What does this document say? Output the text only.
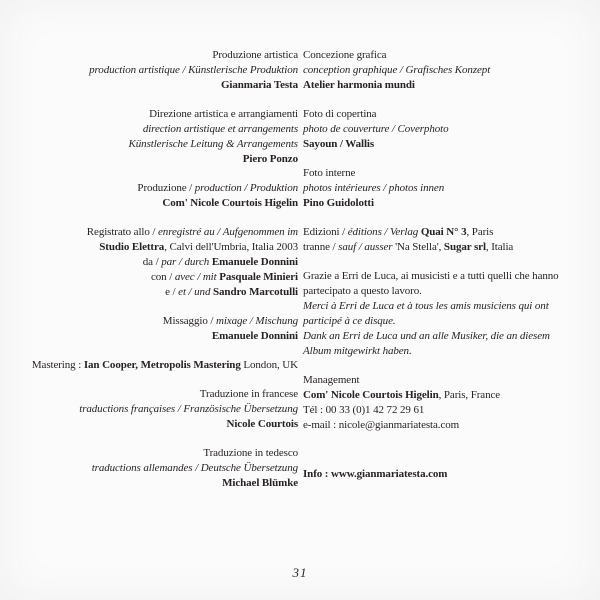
Produzione artistica
production artistique / Künstlerische Produktion
Gianmaria Testa
Direzione artistica e arrangiamenti
direction artistique et arrangements
Künstlerische Leitung & Arrangements
Piero Ponzo
Produzione / production / Produktion
Com' Nicole Courtois Higelin
Registrato allo / enregistré au / Aufgenommen im
Studio Elettra, Calvi dell'Umbria, Italia 2003
da / par / durch Emanuele Donnini
con / avec / mit Pasquale Minieri
e / et / und Sandro Marcotulli
Missaggio / mixage / Mischung
Emanuele Donnini
Mastering : Ian Cooper, Metropolis Mastering London, UK
Traduzione in francese
traductions françaises / Französische Übersetzung
Nicole Courtois
Traduzione in tedesco
traductions allemandes / Deutsche Übersetzung
Michael Blümke
Concezione grafica
conception graphique / Grafisches Konzept
Atelier harmonia mundi
Foto di copertina
photo de couverture / Coverphoto
Sayoun / Wallis
Foto interne
photos intérieures / photos innen
Pino Guidolotti
Edizioni / éditions / Verlag Quai N° 3, Paris
tranne / sauf / ausser 'Na Stella', Sugar srl, Italia
Grazie a Erri de Luca, ai musicisti e a tutti quelli che hanno
partecipato a questo lavoro.
Merci à Erri de Luca et à tous les amis musiciens qui ont
participé à ce disque.
Dank an Erri de Luca und an alle Musiker, die an diesem
Album mitgewirkt haben.
Management
Com' Nicole Courtois Higelin, Paris, France
Tél : 00 33 (0)1 42 72 29 61
e-mail : nicole@gianmariatesta.com
Info : www.gianmariatesta.com
31
